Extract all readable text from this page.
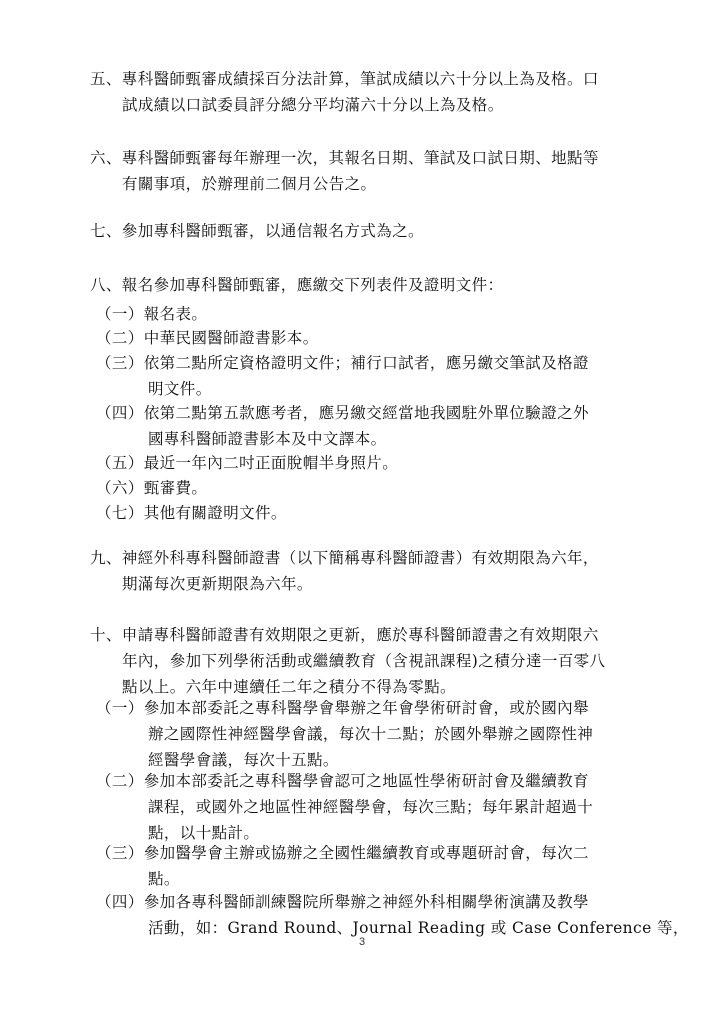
五、專科醫師甄審成績採百分法計算，筆試成績以六十分以上為及格。口
試成績以口試委員評分總分平均滿六十分以上為及格。
六、專科醫師甄審每年辦理一次，其報名日期、筆試及口試日期、地點等
有關事項，於辦理前二個月公告之。
七、參加專科醫師甄審，以通信報名方式為之。
八、報名參加專科醫師甄審，應繳交下列表件及證明文件：
（一）報名表。
（二）中華民國醫師證書影本。
（三）依第二點所定資格證明文件；補行口試者，應另繳交筆試及格證
明文件。
（四）依第二點第五款應考者，應另繳交經當地我國駐外單位驗證之外
國專科醫師證書影本及中文譯本。
（五）最近一年內二吋正面脫帽半身照片。
（六）甄審費。
（七）其他有關證明文件。
九、神經外科專科醫師證書（以下簡稱專科醫師證書）有效期限為六年，
期滿每次更新期限為六年。
十、申請專科醫師證書有效期限之更新，應於專科醫師證書之有效期限六
年內，參加下列學術活動或繼續教育（含視訊課程)之積分達一百零八
點以上。六年中連續任二年之積分不得為零點。
（一）參加本部委託之專科醫學會舉辦之年會學術研討會，或於國內舉
辦之國際性神經醫學會議，每次十二點；於國外舉辦之國際性神
經醫學會議，每次十五點。
（二）參加本部委託之專科醫學會認可之地區性學術研討會及繼續教育
課程，或國外之地區性神經醫學會，每次三點；每年累計超過十
點，以十點計。
（三）參加醫學會主辦或協辦之全國性繼續教育或專題研討會，每次二
點。
（四）參加各專科醫師訓練醫院所舉辦之神經外科相關學術演講及教學
活動，如：Grand Round、Journal Reading 或 Case Conference 等，
3
